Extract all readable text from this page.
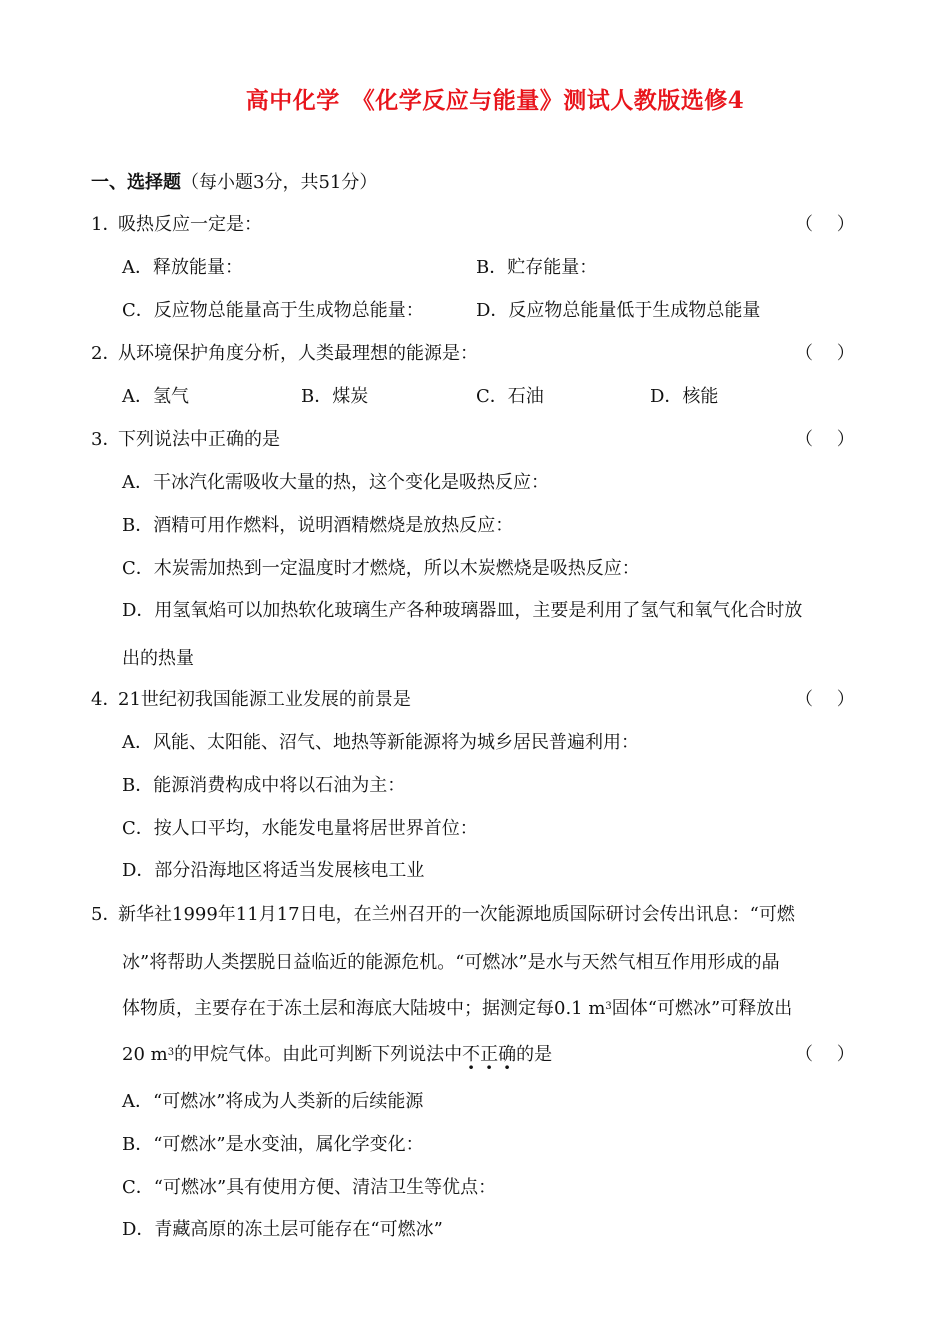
高中化学　《化学反应与能量》测试人教版选修4
一、选择题（每小题3分，共51分）
1．
吸热反应一定是：	（　 ）
A．释放能量：	B．贮存能量：
C．反应物总能量高于生成物总能量：	D．反应物总能量低于生成物总能量
2．
从环境保护角度分析，人类最理想的能源是：	（　 ）
A．氢气	B．煤炭	C．石油	D．核能
3．
下列说法中正确的是	（　 ）
A．干冰汽化需吸收大量的热，这个变化是吸热反应：
B．酒精可用作燃料，说明酒精燃烧是放热反应：
C．木炭需加热到一定温度时才燃烧，所以木炭燃烧是吸热反应：
D．用氢氧焰可以加热软化玻璃生产各种玻璃器皿，主要是利用了氢气和氧气化合时放
出的热量
4．
21世纪初我国能源工业发展的前景是	（　 ）
A．风能、太阳能、沼气、地热等新能源将为城乡居民普遍利用：
B．能源消费构成中将以石油为主：
C．按人口平均，水能发电量将居世界首位：
D．部分沿海地区将适当发展核电工业
5．
新华社1999年11月17日电，在兰州召开的一次能源地质国际研讨会传出讯息：“可燃
冰”将帮助人类摆脱日益临近的能源危机。“可燃冰”是水与天然气相互作用形成的晶
体物质，主要存在于冻土层和海底大陆坡中；据测定每0.1 $m^3$固体“可燃冰”可释放出
20 $m^3$的甲烷气体。由此可判断下列说法中不正确的是	（　 ）
A．“可燃冰”将成为人类新的后续能源
B．“可燃冰”是水变油，属化学变化：
C．“可燃冰”具有使用方便、清洁卫生等优点：
D．青藏高原的冻土层可能存在“可燃冰”
